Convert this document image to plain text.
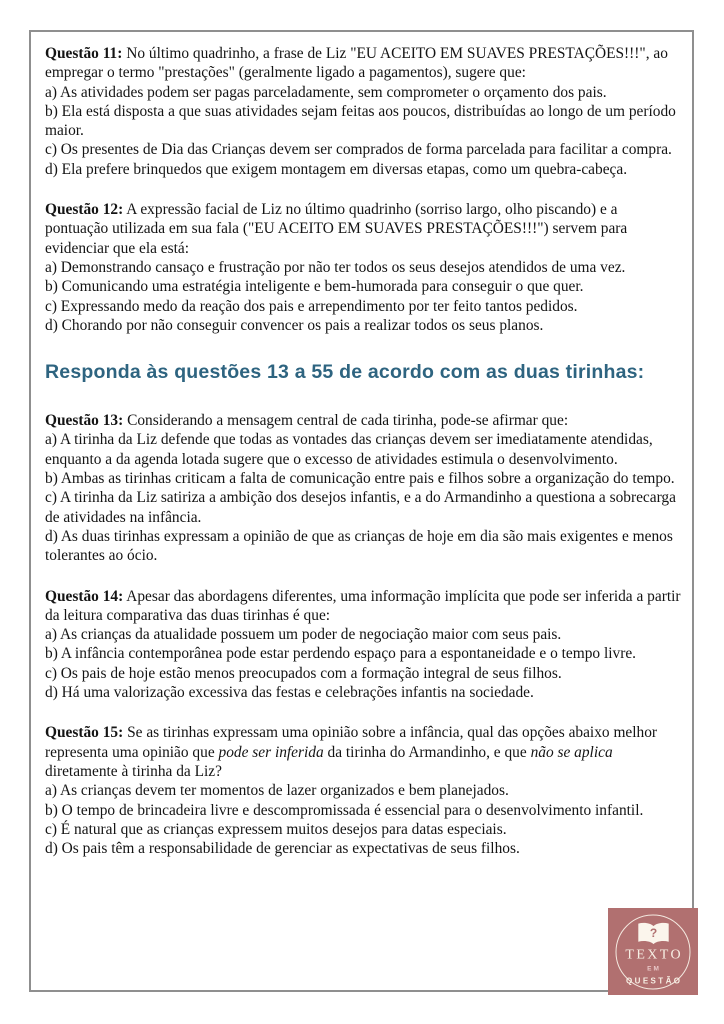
Questão 11: No último quadrinho, a frase de Liz "EU ACEITO EM SUAVES PRESTAÇÕES!!!", ao empregar o termo "prestações" (geralmente ligado a pagamentos), sugere que:

a) As atividades podem ser pagas parceladamente, sem comprometer o orçamento dos pais.

b) Ela está disposta a que suas atividades sejam feitas aos poucos, distribuídas ao longo de um período maior.

c) Os presentes de Dia das Crianças devem ser comprados de forma parcelada para facilitar a compra.

d) Ela prefere brinquedos que exigem montagem em diversas etapas, como um quebra-cabeça.

Questão 12: A expressão facial de Liz no último quadrinho (sorriso largo, olho piscando) e a pontuação utilizada em sua fala ("EU ACEITO EM SUAVES PRESTAÇÕES!!!") servem para evidenciar que ela está:

a) Demonstrando cansaço e frustração por não ter todos os seus desejos atendidos de uma vez.

b) Comunicando uma estratégia inteligente e bem-humorada para conseguir o que quer.

c) Expressando medo da reação dos pais e arrependimento por ter feito tantos pedidos.

d) Chorando por não conseguir convencer os pais a realizar todos os seus planos.

Responda às questões 13 a 55 de acordo com as duas tirinhas:

Questão 13: Considerando a mensagem central de cada tirinha, pode-se afirmar que:

a) A tirinha da Liz defende que todas as vontades das crianças devem ser imediatamente atendidas, enquanto a da agenda lotada sugere que o excesso de atividades estimula o desenvolvimento.

b) Ambas as tirinhas criticam a falta de comunicação entre pais e filhos sobre a organização do tempo.

c) A tirinha da Liz satiriza a ambição dos desejos infantis, e a do Armandinho a questiona a sobrecarga de atividades na infância.

d) As duas tirinhas expressam a opinião de que as crianças de hoje em dia são mais exigentes e menos tolerantes ao ócio.

Questão 14: Apesar das abordagens diferentes, uma informação implícita que pode ser inferida a partir da leitura comparativa das duas tirinhas é que:

a) As crianças da atualidade possuem um poder de negociação maior com seus pais.

b) A infância contemporânea pode estar perdendo espaço para a espontaneidade e o tempo livre.

c) Os pais de hoje estão menos preocupados com a formação integral de seus filhos.

d) Há uma valorização excessiva das festas e celebrações infantis na sociedade.

Questão 15: Se as tirinhas expressam uma opinião sobre a infância, qual das opções abaixo melhor representa uma opinião que pode ser inferida da tirinha do Armandinho, e que não se aplica diretamente à tirinha da Liz?

a) As crianças devem ter momentos de lazer organizados e bem planejados.

b) O tempo de brincadeira livre e descompromissada é essencial para o desenvolvimento infantil.

c) É natural que as crianças expressem muitos desejos para datas especiais.

d) Os pais têm a responsabilidade de gerenciar as expectativas de seus filhos.

?
TEXTO
EM
QUESTÃO
